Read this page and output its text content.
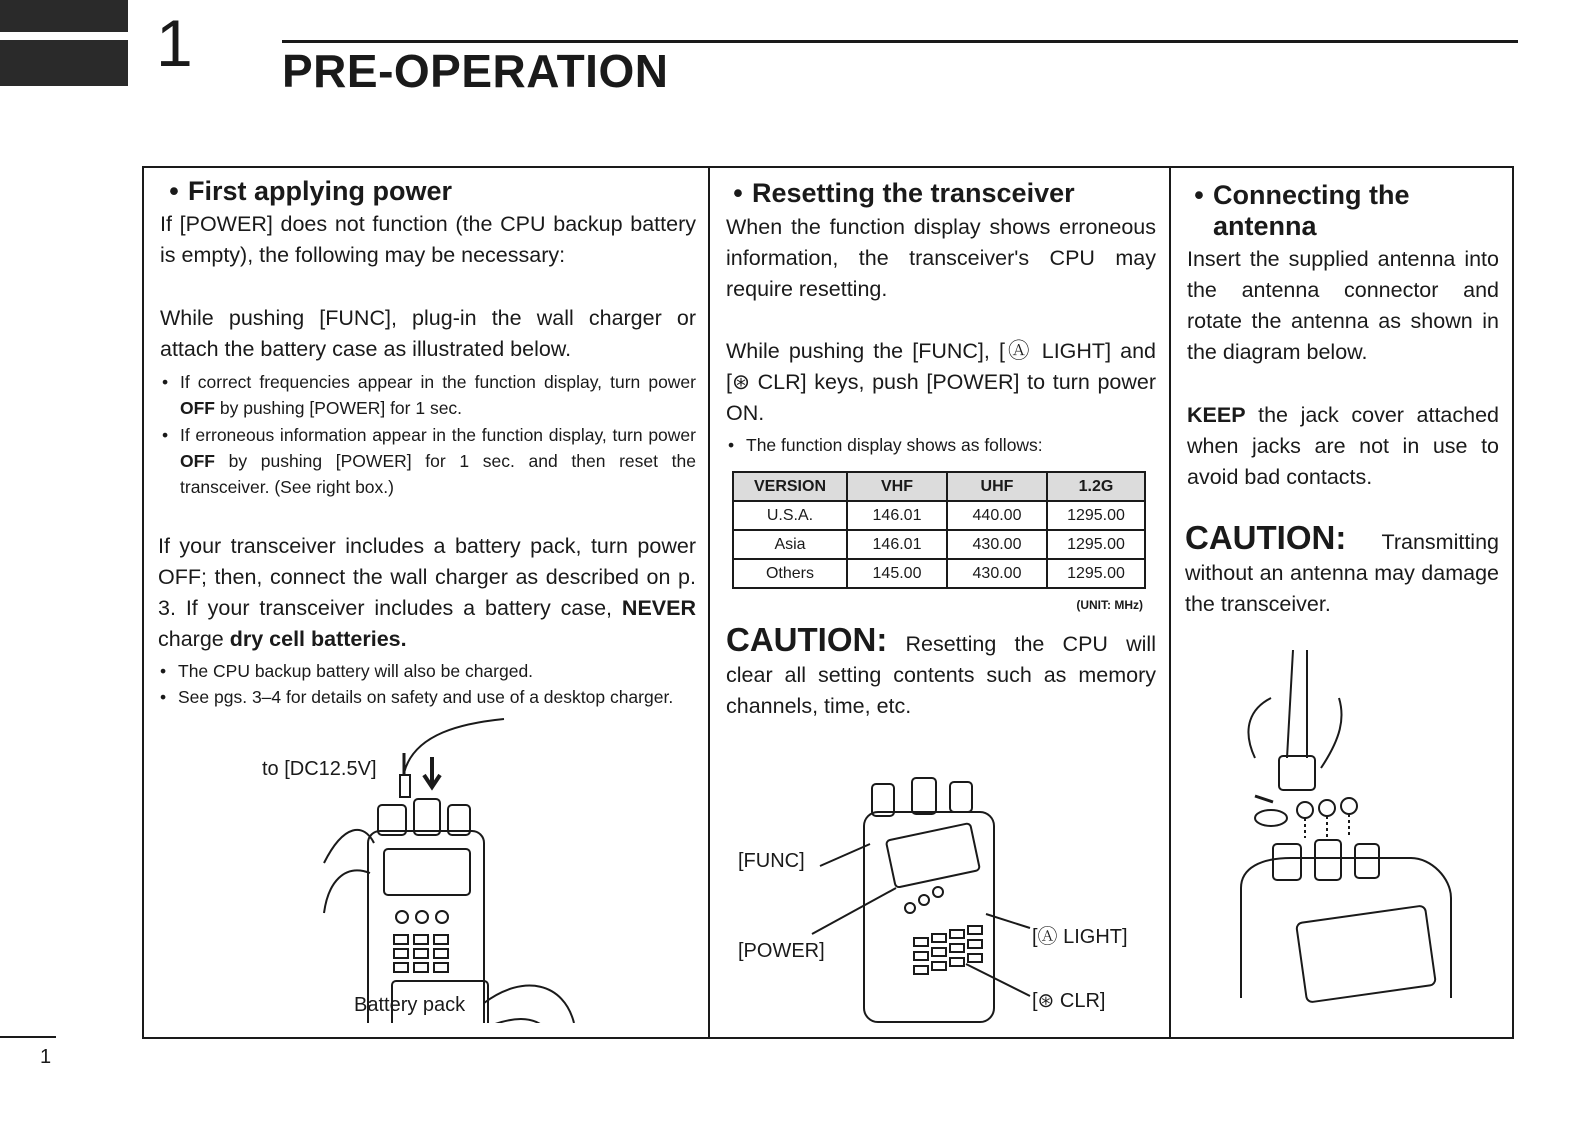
1 PRE-OPERATION
• First applying power

If [POWER] does not function (the CPU backup battery is empty), the following may be necessary:

While pushing [FUNC], plug-in the wall charger or attach the battery case as illustrated below.

• If correct frequencies appear in the function display, turn power OFF by pushing [POWER] for 1 sec.
• If erroneous information appear in the function display, turn power OFF by pushing [POWER] for 1 sec. and then reset the transceiver. (See right box.)

If your transceiver includes a battery pack, turn power OFF; then, connect the wall charger as described on p. 3. If your transceiver includes a battery case, NEVER charge dry cell batteries.

• The CPU backup battery will also be charged.
• See pgs. 3–4 for details on safety and use of a desktop charger.
to [DC12.5V]
Battery pack
• Resetting the transceiver

When the function display shows erroneous information, the transceiver's CPU may require resetting.

While pushing the [FUNC], [Ⓐ LIGHT] and [⊛ CLR] keys, push [POWER] to turn power ON.

• The function display shows as follows:
VERSION	VHF	UHF	1.2G
U.S.A.	146.01	440.00	1295.00
Asia	146.01	430.00	1295.00
Others	145.00	430.00	1295.00
(UNIT: MHz)

CAUTION: Resetting the CPU will clear all setting contents such as memory channels, time, etc.

[FUNC]
[POWER]
[Ⓐ LIGHT]
[⊛ CLR]
• Connecting the
antenna

Insert the supplied antenna into the antenna connector and rotate the antenna as shown in the diagram below.

KEEP the jack cover attached when jacks are not in use to avoid bad contacts.

CAUTION: Transmitting without an antenna may damage the transceiver.

1
